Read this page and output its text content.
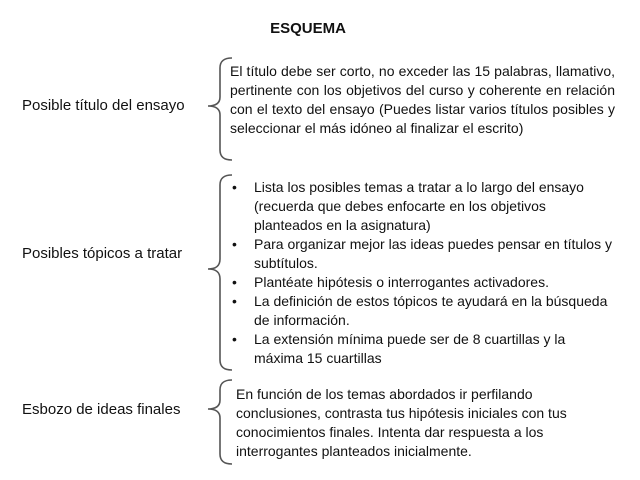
ESQUEMA
Posible título del ensayo
Posibles tópicos a tratar
Esbozo de ideas finales
El título debe ser corto, no exceder las 15 palabras, llamativo, pertinente con los objetivos del curso y coherente en relación con el texto del ensayo (Puedes listar varios títulos posibles y seleccionar el más idóneo al finalizar el escrito)
• Lista los posibles temas a tratar a lo largo del ensayo (recuerda que debes enfocarte en los objetivos planteados en la asignatura)
• Para organizar mejor las ideas puedes pensar en títulos y subtítulos.
• Plantéate hipótesis o interrogantes activadores.
• La definición de estos tópicos te ayudará en la búsqueda de información.
• La extensión mínima puede ser de 8 cuartillas y la máxima 15 cuartillas
En función de los temas abordados ir perfilando conclusiones, contrasta tus hipótesis iniciales con tus conocimientos finales. Intenta dar respuesta a los interrogantes planteados inicialmente.
